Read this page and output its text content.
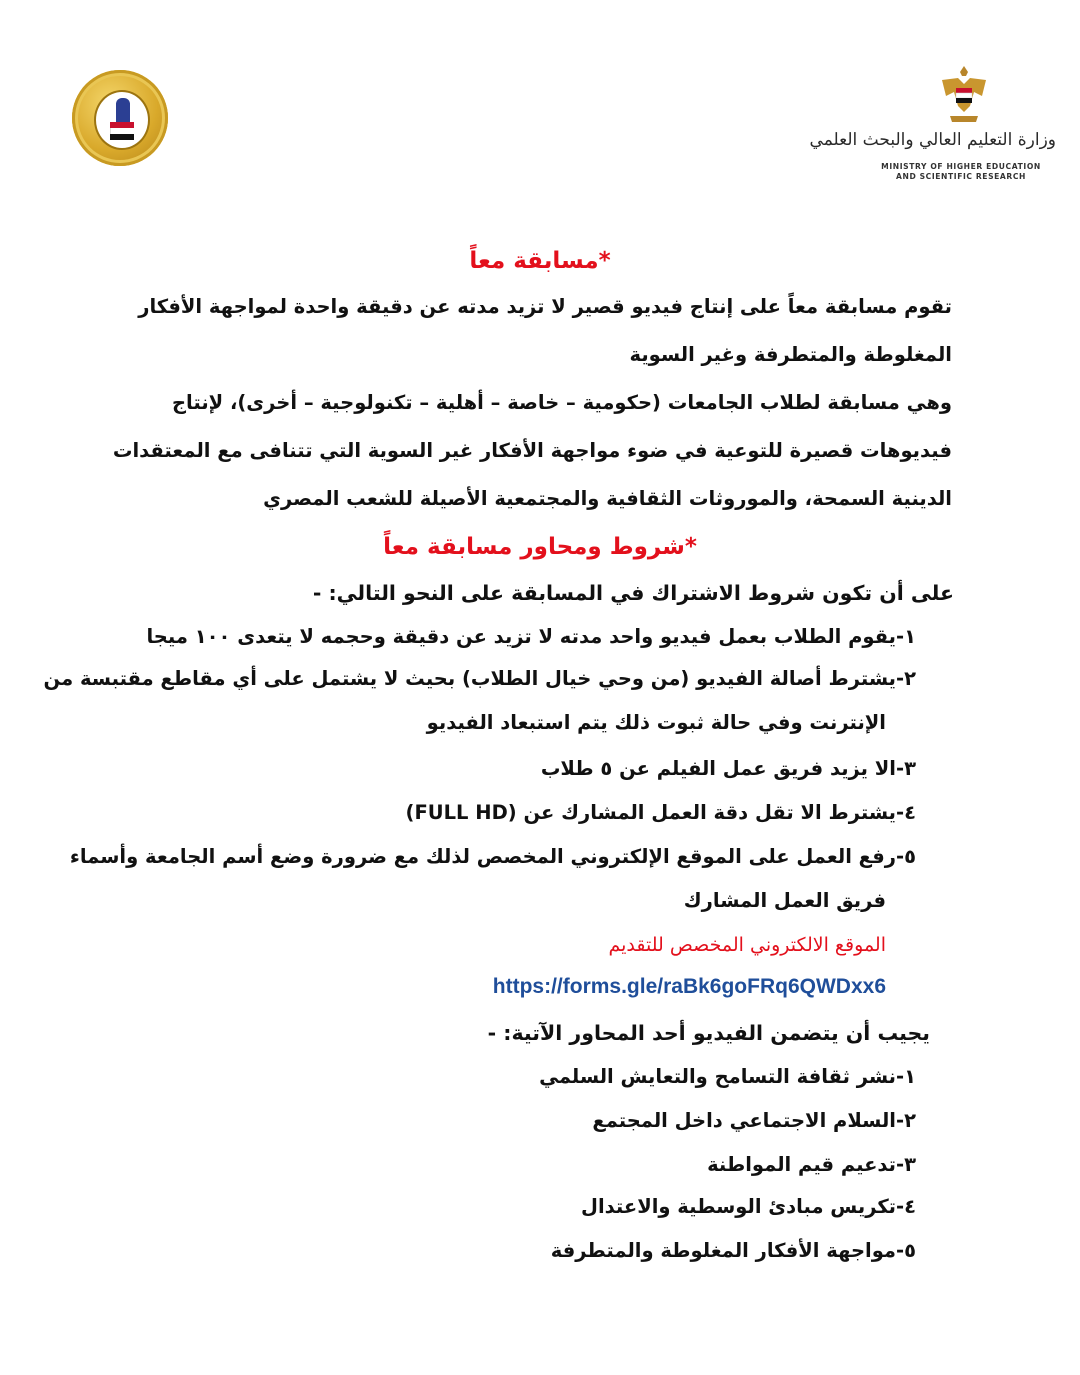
وزارة التعليم العالي والبحث العلمي
MINISTRY OF HIGHER EDUCATION
AND SCIENTIFIC RESEARCH
*مسابقة معاً
تقوم مسابقة معاً على إنتاج فيديو قصير لا تزيد مدته عن دقيقة واحدة لمواجهة الأفكار
المغلوطة والمتطرفة وغير السوية
وهي مسابقة لطلاب الجامعات (حكومية – خاصة – أهلية – تكنولوجية – أخرى)، لإنتاج
فيديوهات قصيرة للتوعية في ضوء مواجهة الأفكار غير السوية التي تتنافى مع المعتقدات
الدينية السمحة، والموروثات الثقافية والمجتمعية الأصيلة للشعب المصري
*شروط ومحاور مسابقة معاً
على أن تكون شروط الاشتراك في المسابقة على النحو التالي: -
١-يقوم الطلاب بعمل فيديو واحد مدته لا تزيد عن دقيقة وحجمه لا يتعدى ١٠٠ ميجا
٢-يشترط أصالة الفيديو (من وحي خيال الطلاب) بحيث لا يشتمل على أي مقاطع مقتبسة من
الإنترنت وفي حالة ثبوت ذلك يتم استبعاد الفيديو
٣-الا يزيد فريق عمل الفيلم عن ٥ طلاب
٤-يشترط الا تقل دقة العمل المشارك عن (FULL HD)
٥-رفع العمل على الموقع الإلكتروني المخصص لذلك مع ضرورة وضع أسم الجامعة وأسماء
فريق العمل المشارك
الموقع الالكتروني المخصص للتقديم
https://forms.gle/raBk6goFRq6QWDxx6
يجيب أن يتضمن الفيديو أحد المحاور الآتية: -
١-نشر ثقافة التسامح والتعايش السلمي
٢-السلام الاجتماعي داخل المجتمع
٣-تدعيم قيم المواطنة
٤-تكريس مبادئ الوسطية والاعتدال
٥-مواجهة الأفكار المغلوطة والمتطرفة
